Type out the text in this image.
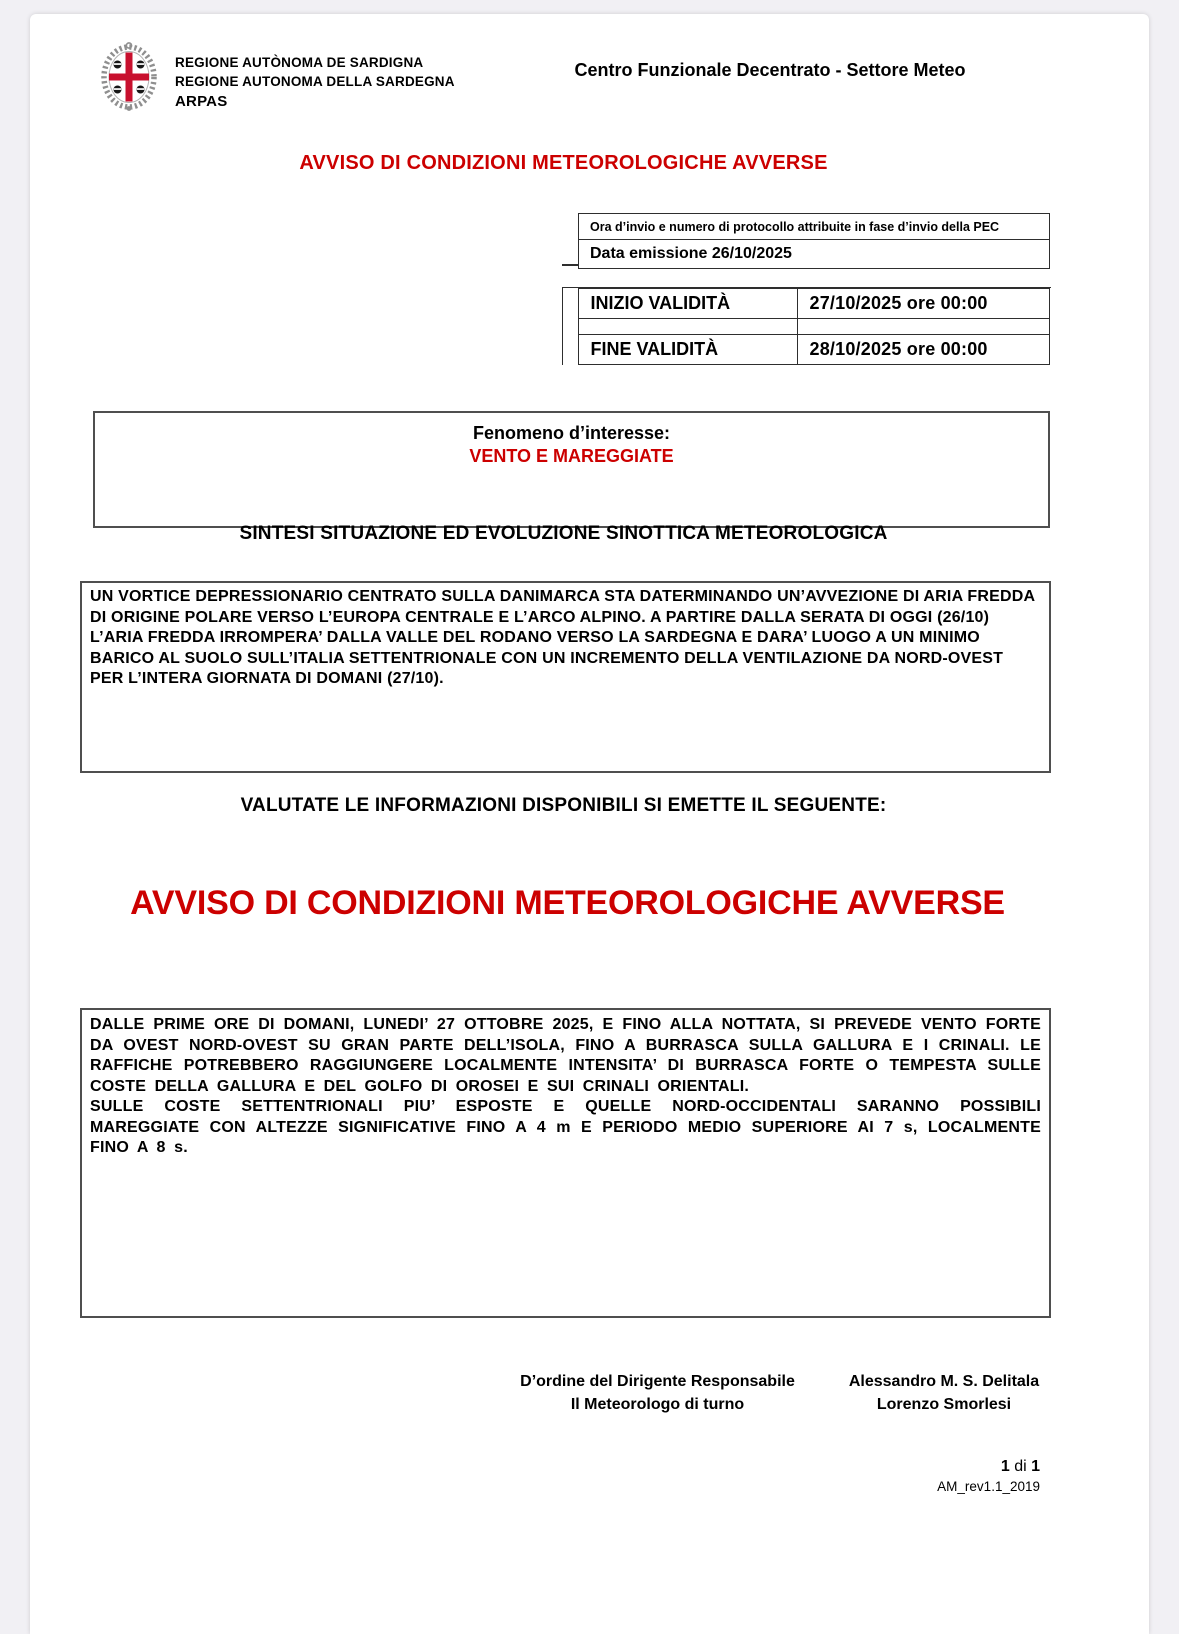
REGIONE AUTÒNOMA DE SARDIGNA
REGIONE AUTONOMA DELLA SARDEGNA
ARPAS
Centro Funzionale Decentrato - Settore Meteo
AVVISO DI CONDIZIONI METEOROLOGICHE AVVERSE
Ora d’invio e numero di protocollo attribuite in fase d’invio della PEC
Data emissione 26/10/2025
INIZIO VALIDITÀ	27/10/2025 ore 00:00

FINE VALIDITÀ	28/10/2025 ore 00:00
Fenomeno d’interesse:
VENTO E MAREGGIATE
SINTESI SITUAZIONE ED EVOLUZIONE SINOTTICA METEOROLOGICA
UN VORTICE DEPRESSIONARIO CENTRATO SULLA DANIMARCA STA DATERMINANDO UN’AVVEZIONE DI ARIA FREDDA DI ORIGINE POLARE VERSO L’EUROPA CENTRALE E L’ARCO ALPINO. A PARTIRE DALLA SERATA DI OGGI (26/10) L’ARIA FREDDA IRROMPERA’ DALLA VALLE DEL RODANO VERSO LA SARDEGNA E DARA’ LUOGO A UN MINIMO BARICO AL SUOLO SULL’ITALIA SETTENTRIONALE CON UN INCREMENTO DELLA VENTILAZIONE DA NORD-OVEST PER L’INTERA GIORNATA DI DOMANI (27/10).
VALUTATE LE INFORMAZIONI DISPONIBILI SI EMETTE IL SEGUENTE:
AVVISO DI CONDIZIONI METEOROLOGICHE AVVERSE

DALLE PRIME ORE DI DOMANI, LUNEDI’ 27 OTTOBRE 2025, E FINO ALLA NOTTATA, SI PREVEDE VENTO FORTE DA OVEST NORD-OVEST SU GRAN PARTE DELL’ISOLA, FINO A BURRASCA SULLA GALLURA E I CRINALI. LE RAFFICHE POTREBBERO RAGGIUNGERE LOCALMENTE INTENSITA’ DI BURRASCA FORTE O TEMPESTA SULLE COSTE DELLA GALLURA E DEL GOLFO DI OROSEI E SUI CRINALI ORIENTALI.

SULLE COSTE SETTENTRIONALI PIU’ ESPOSTE E QUELLE NORD-OCCIDENTALI SARANNO POSSIBILI MAREGGIATE CON ALTEZZE SIGNIFICATIVE FINO A 4 m E PERIODO MEDIO SUPERIORE AI 7 s, LOCALMENTE FINO A 8 s.

D’ordine del Dirigente Responsabile
Il Meteorologo di turno
Alessandro M. S. Delitala
Lorenzo Smorlesi
1 di 1
AM_rev1.1_2019
